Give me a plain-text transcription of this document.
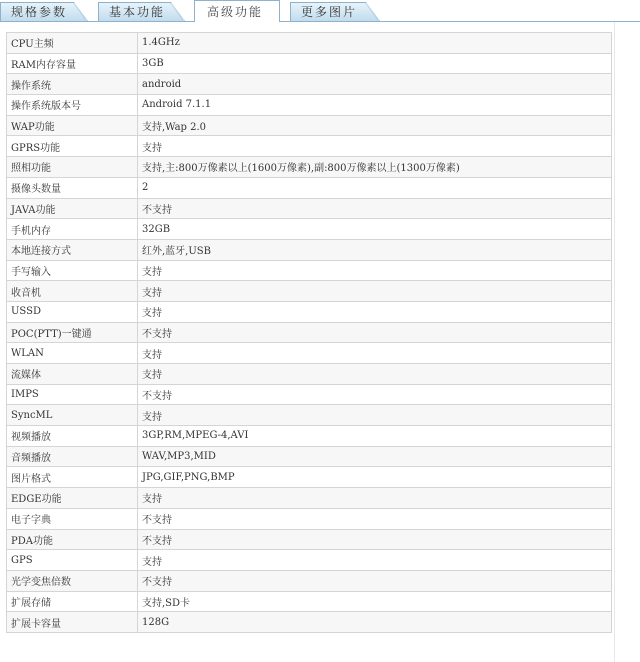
规格参数	基本功能	高级功能	更多图片
CPU主频	1.4GHz
RAM内存容量	3GB
操作系统	android
操作系统版本号	Android 7.1.1
WAP功能	支持,Wap 2.0
GPRS功能	支持
照相功能	支持,主:800万像素以上(1600万像素),副:800万像素以上(1300万像素)
摄像头数量	2
JAVA功能	不支持
手机内存	32GB
本地连接方式	红外,蓝牙,USB
手写输入	支持
收音机	支持
USSD	支持
POC(PTT)一键通	不支持
WLAN	支持
流媒体	支持
IMPS	不支持
SyncML	支持
视频播放	3GP,RM,MPEG-4,AVI
音频播放	WAV,MP3,MID
图片格式	JPG,GIF,PNG,BMP
EDGE功能	支持
电子字典	不支持
PDA功能	不支持
GPS	支持
光学变焦倍数	不支持
扩展存储	支持,SD卡
扩展卡容量	128G
